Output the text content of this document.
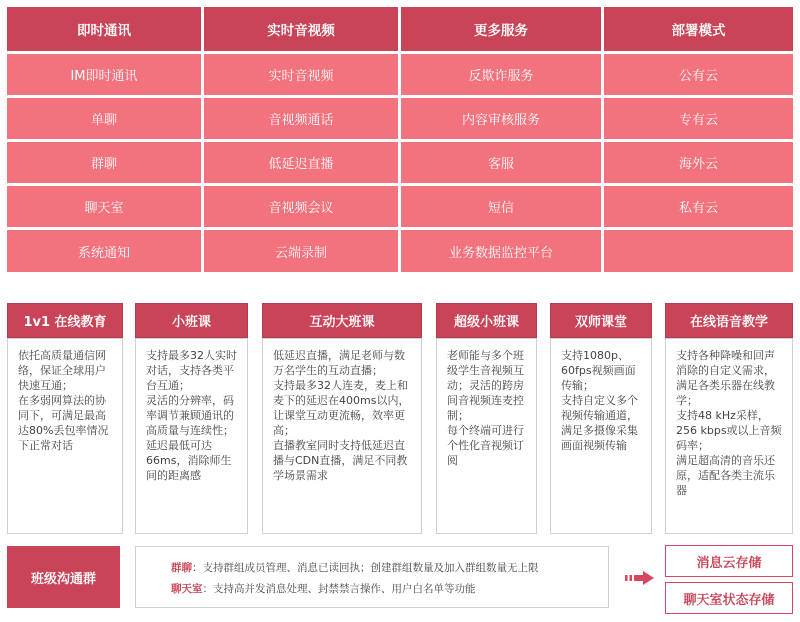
即时通讯	实时音视频	更多服务	部署模式
IM即时通讯	实时音视频	反欺诈服务	公有云
单聊	音视频通话	内容审核服务	专有云
群聊	低延迟直播	客服	海外云
聊天室	音视频会议	短信	私有云
系统通知	云端录制	业务数据监控平台
1v1 在线教育

依托高质量通信网络，保证全球用户快速互通；

在多弱网算法的协同下，可满足最高达80%丢包率情况下正常对话

小班课

支持最多32人实时对话，支持各类平台互通；

灵活的分辨率，码率调节兼顾通讯的高质量与连续性；

延迟最低可达66ms，消除师生间的距离感

互动大班课

低延迟直播，满足老师与数万名学生的互动直播；

支持最多32人连麦，麦上和麦下的延迟在400ms以内，让课堂互动更流畅，效率更高；

直播教室同时支持低延迟直播与CDN直播，满足不同教学场景需求

超级小班课

老师能与多个班级学生音视频互动；灵活的跨房间音视频连麦控制；

每个终端可进行个性化音视频订阅

双师课堂

支持1080p、60fps视频画面传输；

支持自定义多个视频传输通道，满足多摄像采集画面视频传输

在线语音教学

支持各种降噪和回声消除的自定义需求，满足各类乐器在线教学；

支持48 kHz采样，256 kbps或以上音频码率；

满足超高清的音乐还原，适配各类主流乐器

班级沟通群
群聊：支持群组成员管理、消息已读回执；创建群组数量及加入群组数量无上限
聊天室：支持高并发消息处理、封禁禁言操作、用户白名单等功能
消息云存储
聊天室状态存储
